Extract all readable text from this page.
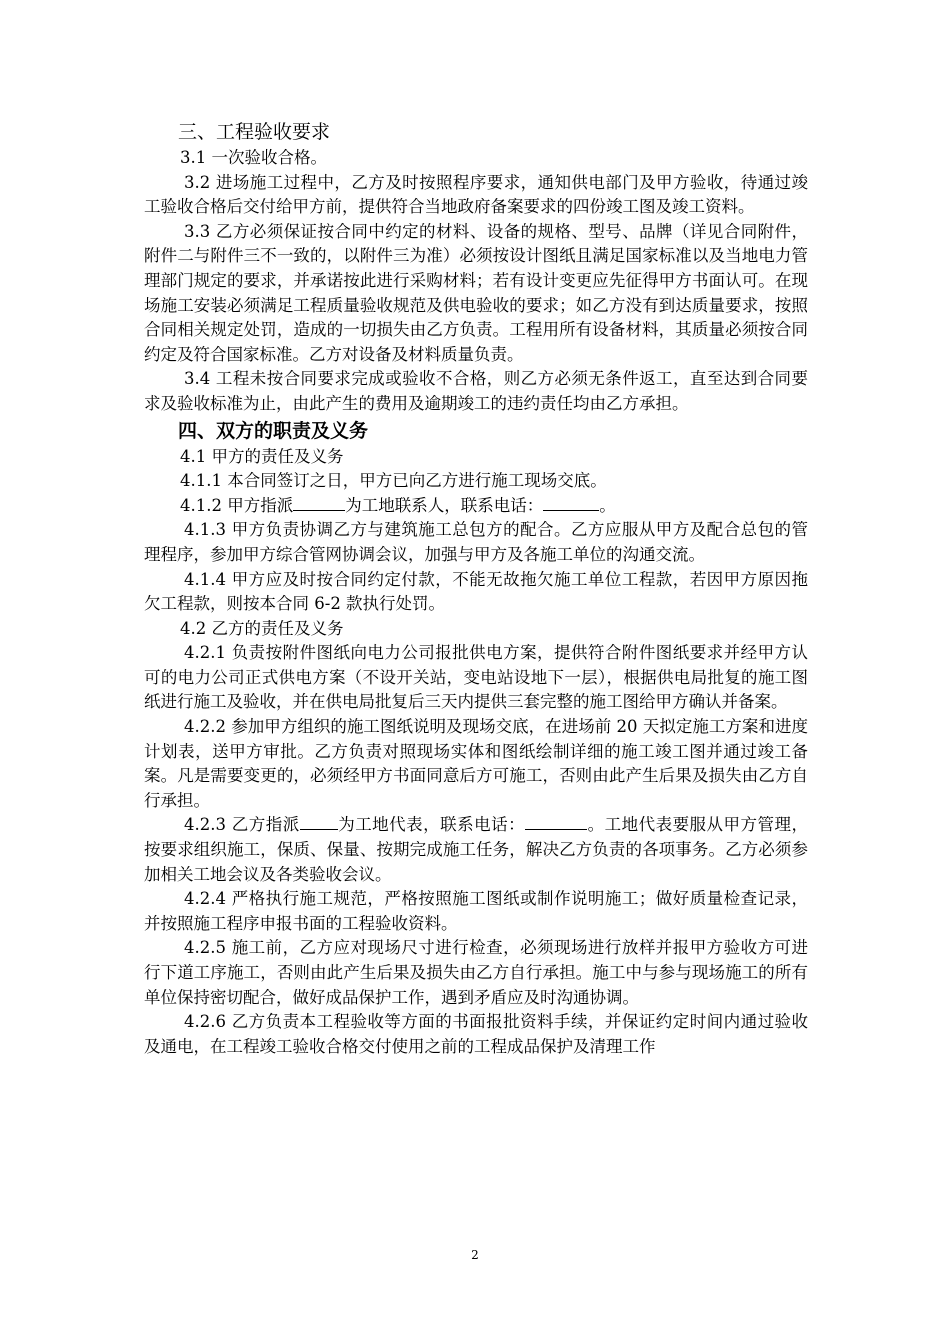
三、工程验收要求

3.1 一次验收合格。

3.2 进场施工过程中，乙方及时按照程序要求，通知供电部门及甲方验收，待通过竣工验收合格后交付给甲方前，提供符合当地政府备案要求的四份竣工图及竣工资料。

3.3 乙方必须保证按合同中约定的材料、设备的规格、型号、品牌（详见合同附件，附件二与附件三不一致的，以附件三为准）必须按设计图纸且满足国家标准以及当地电力管理部门规定的要求，并承诺按此进行采购材料；若有设计变更应先征得甲方书面认可。在现场施工安装必须满足工程质量验收规范及供电验收的要求；如乙方没有到达质量要求，按照合同相关规定处罚，造成的一切损失由乙方负责。工程用所有设备材料，其质量必须按合同约定及符合国家标准。乙方对设备及材料质量负责。

3.4 工程未按合同要求完成或验收不合格，则乙方必须无条件返工，直至达到合同要求及验收标准为止，由此产生的费用及逾期竣工的违约责任均由乙方承担。

四、双方的职责及义务

4.1 甲方的责任及义务

4.1.1 本合同签订之日，甲方已向乙方进行施工现场交底。

4.1.2 甲方指派	为工地联系人，联系电话：	。

4.1.3 甲方负责协调乙方与建筑施工总包方的配合。乙方应服从甲方及配合总包的管理程序，参加甲方综合管网协调会议，加强与甲方及各施工单位的沟通交流。

4.1.4 甲方应及时按合同约定付款，不能无故拖欠施工单位工程款，若因甲方原因拖欠工程款，则按本合同 6-2 款执行处罚。

4.2 乙方的责任及义务

4.2.1 负责按附件图纸向电力公司报批供电方案，提供符合附件图纸要求并经甲方认可的电力公司正式供电方案（不设开关站，变电站设地下一层），根据供电局批复的施工图纸进行施工及验收，并在供电局批复后三天内提供三套完整的施工图给甲方确认并备案。

4.2.2 参加甲方组织的施工图纸说明及现场交底，在进场前 20 天拟定施工方案和进度计划表，送甲方审批。乙方负责对照现场实体和图纸绘制详细的施工竣工图并通过竣工备案。凡是需要变更的，必须经甲方书面同意后方可施工，否则由此产生后果及损失由乙方自行承担。

4.2.3 乙方指派 为工地代表，联系电话：	。工地代表要服从甲方管理，按要求组织施工，保质、保量、按期完成施工任务，解决乙方负责的各项事务。乙方必须参加相关工地会议及各类验收会议。

4.2.4 严格执行施工规范，严格按照施工图纸或制作说明施工；做好质量检查记录，并按照施工程序申报书面的工程验收资料。

4.2.5 施工前，乙方应对现场尺寸进行检查，必须现场进行放样并报甲方验收方可进行下道工序施工，否则由此产生后果及损失由乙方自行承担。施工中与参与现场施工的所有单位保持密切配合，做好成品保护工作，遇到矛盾应及时沟通协调。

4.2.6 乙方负责本工程验收等方面的书面报批资料手续，并保证约定时间内通过验收及通电，在工程竣工验收合格交付使用之前的工程成品保护及清理工作

2
